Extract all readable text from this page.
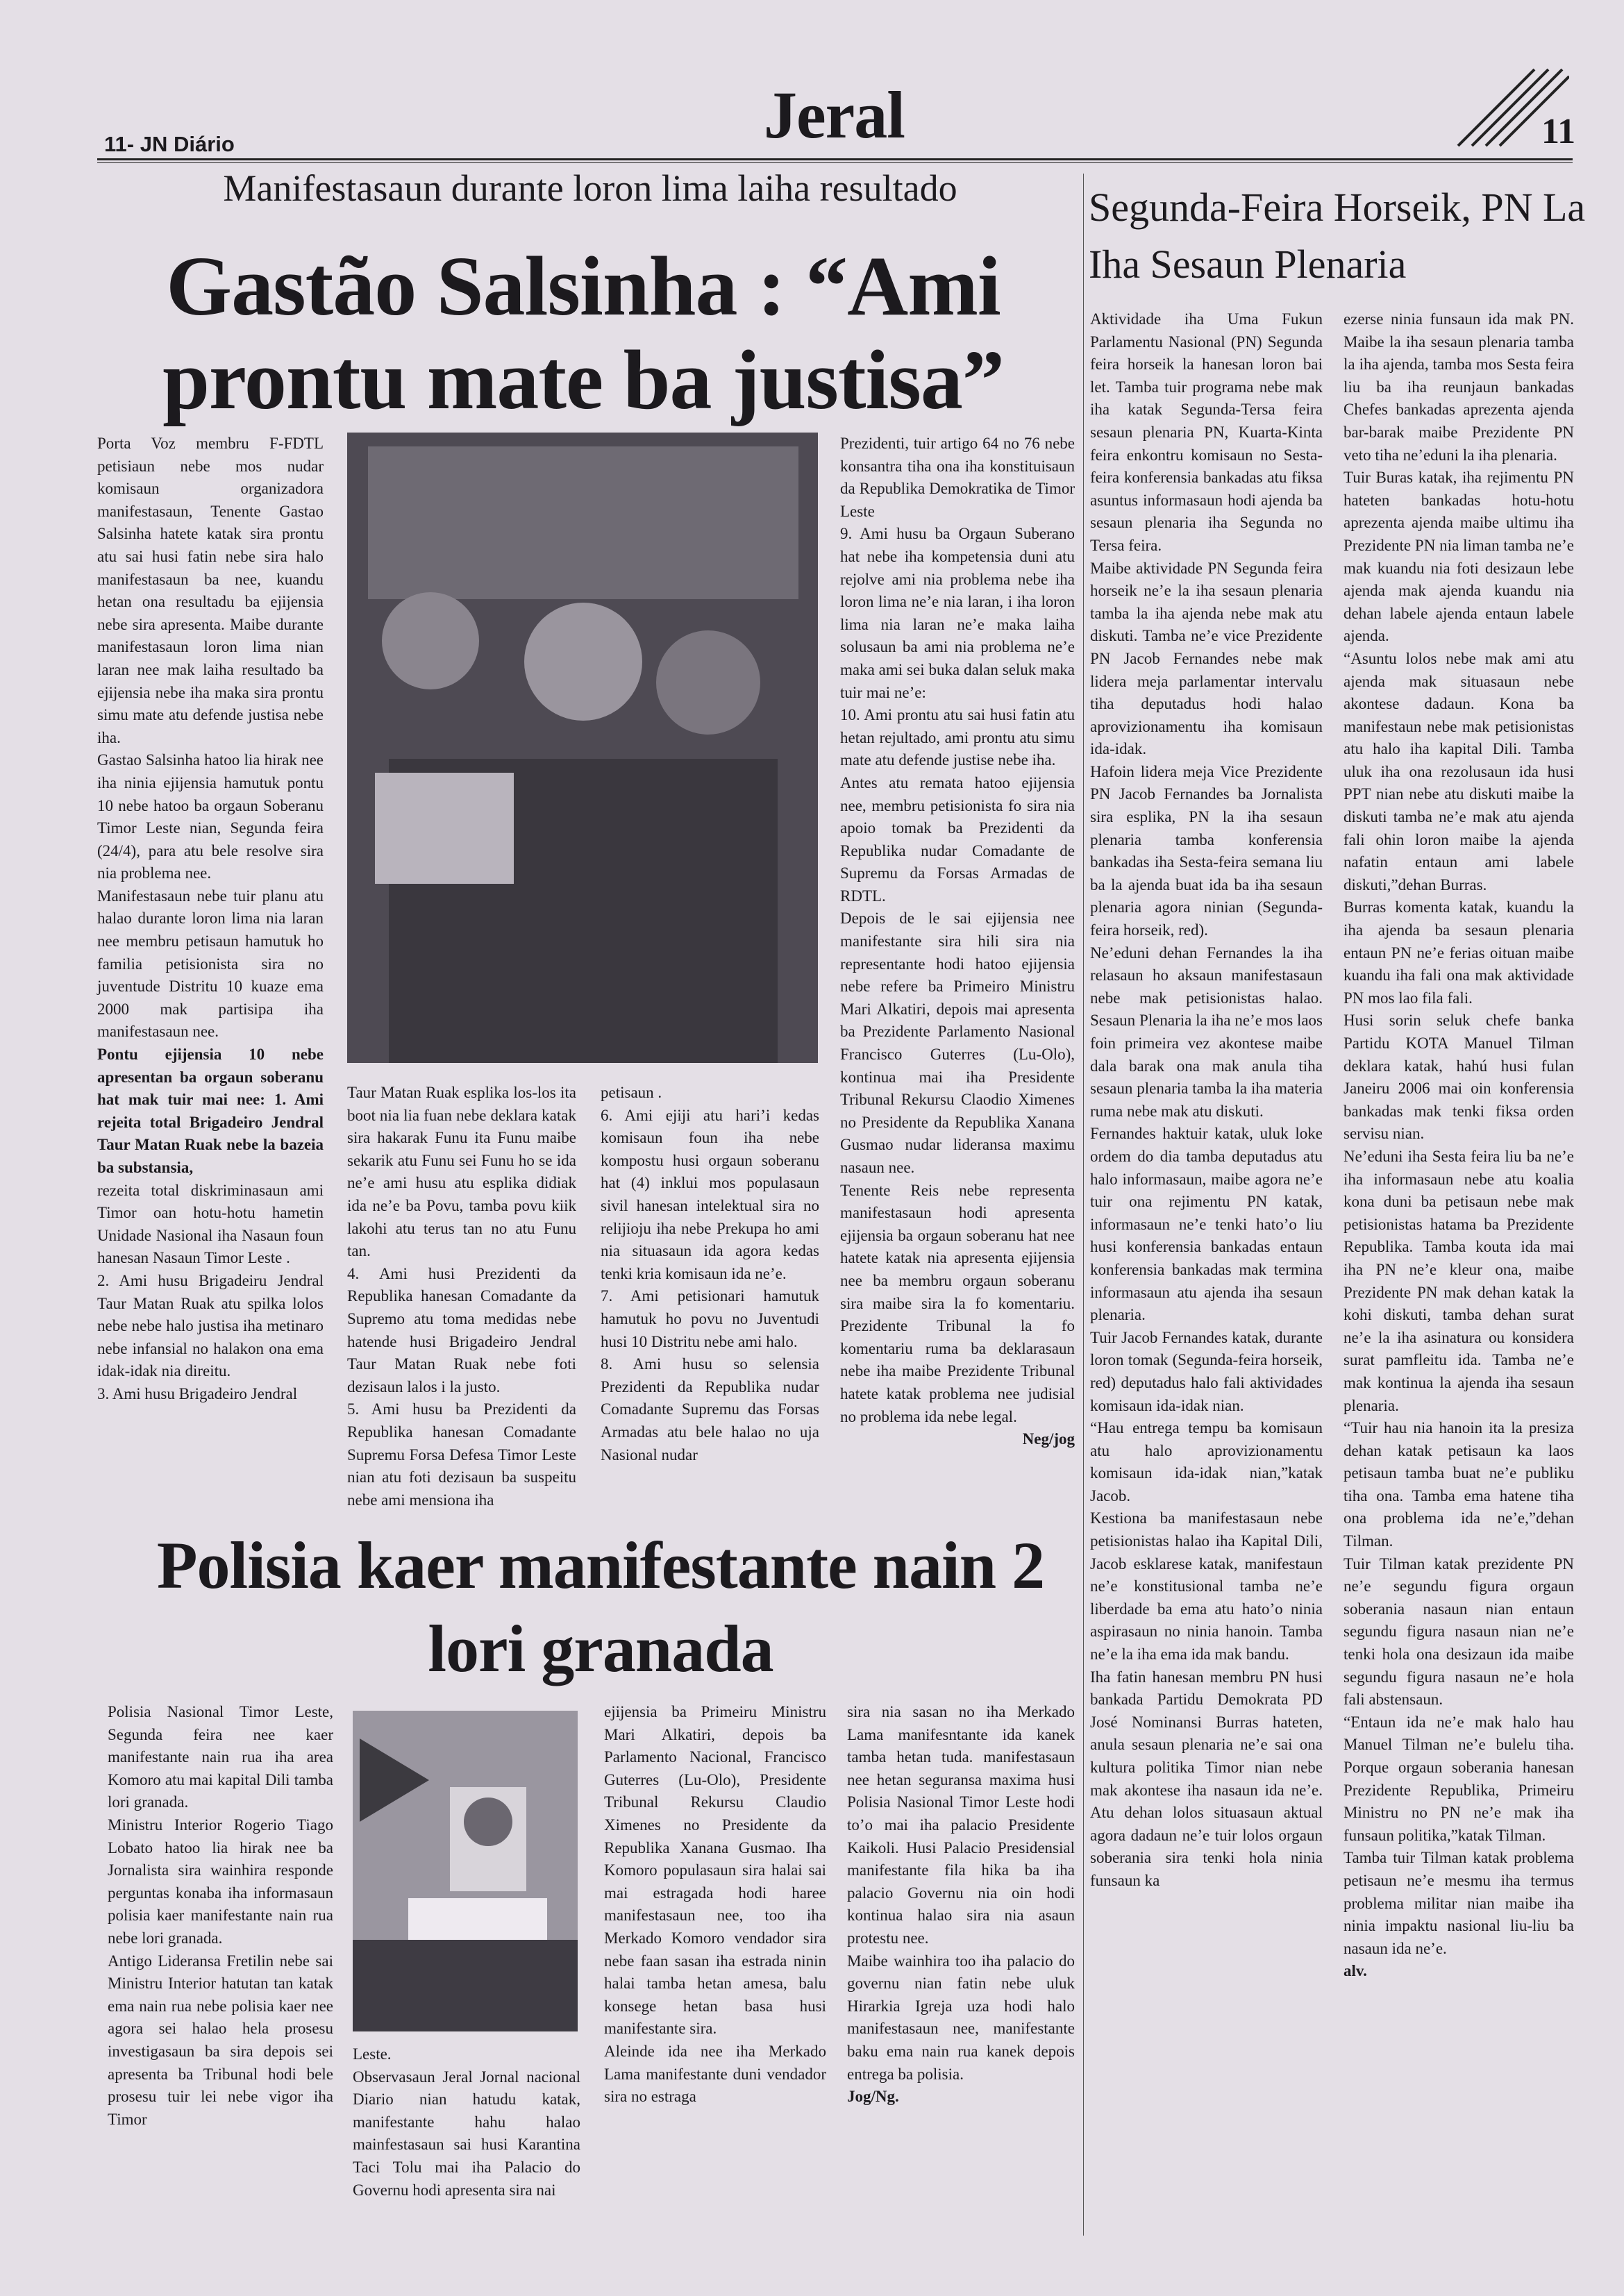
11- JN Diário	Jeral	11
Manifestasaun durante loron lima laiha resultado
Gastão Salsinha : “Ami prontu mate ba justisa”

Porta Voz membru F-FDTL petisiaun nebe mos nudar komisaun organizadora manifestasaun, Tenente Gastao Salsinha hatete katak sira prontu atu sai husi fatin nebe sira halo manifestasaun ba nee, kuandu hetan ona resultadu ba ejijensia nebe sira apresenta. Maibe durante manifestasaun loron lima nian laran nee mak laiha resultado ba ejijensia nebe iha maka sira prontu simu mate atu defende justisa nebe iha.

Gastao Salsinha hatoo lia hirak nee iha ninia ejijensia hamutuk pontu 10 nebe hatoo ba orgaun Soberanu Timor Leste nian, Segunda feira (24/4), para atu bele resolve sira nia problema nee.

Manifestasaun nebe tuir planu atu halao durante loron lima nia laran nee membru petisaun hamutuk ho familia petisionista sira no juventude Distritu 10 kuaze ema 2000 mak partisipa iha manifestasaun nee.

Pontu ejijensia 10 nebe apresentan ba orgaun soberanu hat mak tuir mai nee: 1. Ami rejeita total Brigadeiro Jendral Taur Matan Ruak nebe la bazeia ba substansia,

rezeita total diskriminasaun ami Timor oan hotu-hotu hametin Unidade Nasional iha Nasaun foun hanesan Nasaun Timor Leste .

2. Ami husu Brigadeiru Jendral Taur Matan Ruak atu spilka lolos nebe nebe halo justisa iha metinaro nebe infansial no halakon ona ema idak-idak nia direitu.

3. Ami husu Brigadeiro Jendral

Taur Matan Ruak esplika los-los ita boot nia lia fuan nebe deklara katak sira hakarak Funu ita Funu maibe sekarik atu Funu sei Funu ho se ida ne’e ami husu atu esplika didiak ida ne’e ba Povu, tamba povu kiik lakohi atu terus tan no atu Funu tan.

4. Ami husi Prezidenti da Republika hanesan Comadante da Supremo atu toma medidas nebe hatende husi Brigadeiro Jendral Taur Matan Ruak nebe foti dezisaun lalos i la justo.

5. Ami husu ba Prezidenti da Republika hanesan Comadante Supremu Forsa Defesa Timor Leste nian atu foti dezisaun ba suspeitu nebe ami mensiona iha

petisaun .

6. Ami ejiji atu hari’i kedas komisaun foun iha nebe kompostu husi orgaun soberanu hat (4) inklui mos populasaun sivil hanesan intelektual sira no relijioju iha nebe Prekupa ho ami nia situasaun ida agora kedas tenki kria komisaun ida ne’e.

7. Ami petisionari hamutuk hamutuk ho povu no Juventudi husi 10 Distritu nebe ami halo.

8. Ami husu so selensia Prezidenti da Republika nudar Comadante Supremu das Forsas Armadas atu bele halao no uja Nasional nudar

Prezidenti, tuir artigo 64 no 76 nebe konsantra tiha ona iha konstituisaun da Republika Demokratika de Timor Leste

9. Ami husu ba Orgaun Suberano hat nebe iha kompetensia duni atu rejolve ami nia problema nebe iha loron lima ne’e nia laran, i iha loron lima nia laran ne’e maka laiha solusaun ba ami nia problema ne’e maka ami sei buka dalan seluk maka tuir mai ne’e:

10. Ami prontu atu sai husi fatin atu hetan rejultado, ami prontu atu simu mate atu defende justise nebe iha.

Antes atu remata hatoo ejijensia nee, membru petisionista fo sira nia apoio tomak ba Prezidenti da Republika nudar Comadante de Supremu da Forsas Armadas de RDTL.

Depois de le sai ejijensia nee manifestante sira hili sira nia representante hodi hatoo ejijensia nebe refere ba Primeiro Ministru Mari Alkatiri, depois mai apresenta ba Prezidente Parlamento Nasional Francisco Guterres (Lu-Olo), kontinua mai iha Presidente Tribunal Rekursu Claodio Ximenes no Presidente da Republika Xanana Gusmao nudar lideransa maximu nasaun nee.

Tenente Reis nebe representa manifestasaun hodi apresenta ejijensia ba orgaun soberanu hat nee hatete katak nia apresenta ejijensia nee ba membru orgaun soberanu sira maibe sira la fo komentariu. Prezidente Tribunal la fo komentariu ruma ba deklarasaun nebe iha maibe Prezidente Tribunal hatete katak problema nee judisial no problema ida nebe legal.

Neg/jog

Polisia kaer manifestante nain 2 lori granada

Polisia Nasional Timor Leste, Segunda feira nee kaer manifestante nain rua iha area Komoro atu mai kapital Dili tamba lori granada.

Ministru Interior Rogerio Tiago Lobato hatoo lia hirak nee ba Jornalista sira wainhira responde perguntas konaba iha informasaun polisia kaer manifestante nain rua nebe lori granada.

Antigo Lideransa Fretilin nebe sai Ministru Interior hatutan tan katak ema nain rua nebe polisia kaer nee agora sei halao hela prosesu investigasaun ba sira depois sei apresenta ba Tribunal hodi bele prosesu tuir lei nebe vigor iha Timor

Leste.

Observasaun Jeral Jornal nacional Diario nian hatudu katak, manifestante hahu halao mainfestasaun sai husi Karantina Taci Tolu mai iha Palacio do Governu hodi apresenta sira nai

ejijensia ba Primeiru Ministru Mari Alkatiri, depois ba Parlamento Nacional, Francisco Guterres (Lu-Olo), Presidente Tribunal Rekursu Claudio Ximenes no Presidente da Republika Xanana Gusmao. Iha Komoro populasaun sira halai sai mai estragada hodi haree manifestasaun nee, too iha Merkado Komoro vendador sira nebe faan sasan iha estrada ninin halai tamba hetan amesa, balu konsege hetan basa husi manifestante sira.

Aleinde ida nee iha Merkado Lama manifestante duni vendador sira no estraga

sira nia sasan no iha Merkado Lama manifesntante ida kanek tamba hetan tuda. manifestasaun nee hetan seguransa maxima husi Polisia Nasional Timor Leste hodi to’o mai iha palacio Presidente Kaikoli. Husi Palacio Presidensial manifestante fila hika ba iha palacio Governu nia oin hodi kontinua halao sira nia asaun protestu nee.

Maibe wainhira too iha palacio do governu nian fatin nebe uluk Hirarkia Igreja uza hodi halo manifestasaun nee, manifestante baku ema nain rua kanek depois entrega ba polisia.

Jog/Ng.

Segunda-Feira Horseik, PN La Iha Sesaun Plenaria

Aktividade iha Uma Fukun Parlamentu Nasional (PN) Segunda feira horseik la hanesan loron bai let. Tamba tuir programa nebe mak iha katak Segunda-Tersa feira sesaun plenaria PN, Kuarta-Kinta feira enkontru komisaun no Sesta-feira konferensia bankadas atu fiksa asuntus informasaun hodi ajenda ba sesaun plenaria iha Segunda no Tersa feira.

Maibe aktividade PN Segunda feira horseik ne’e la iha sesaun plenaria tamba la iha ajenda nebe mak atu diskuti. Tamba ne’e vice Prezidente PN Jacob Fernandes nebe mak lidera meja parlamentar intervalu tiha deputadus hodi halao aprovizionamentu iha komisaun ida-idak.

Hafoin lidera meja Vice Prezidente PN Jacob Fernandes ba Jornalista sira esplika, PN la iha sesaun plenaria tamba konferensia bankadas iha Sesta-feira semana liu ba la ajenda buat ida ba iha sesaun plenaria agora ninian (Segunda-feira horseik, red).

Ne’eduni dehan Fernandes la iha relasaun ho aksaun manifestasaun nebe mak petisionistas halao. Sesaun Plenaria la iha ne’e mos laos foin primeira vez akontese maibe dala barak ona mak anula tiha sesaun plenaria tamba la iha materia ruma nebe mak atu diskuti.

Fernandes haktuir katak, uluk loke ordem do dia tamba deputadus atu halo informasaun, maibe agora ne’e tuir ona rejimentu PN katak, informasaun ne’e tenki hato’o liu husi konferensia bankadas entaun konferensia bankadas mak termina informasaun atu ajenda iha sesaun plenaria.

Tuir Jacob Fernandes katak, durante loron tomak (Segunda-feira horseik, red) deputadus halo fali aktividades komisaun ida-idak nian.

“Hau entrega tempu ba komisaun atu halo aprovizionamentu komisaun ida-idak nian,”katak Jacob.

Kestiona ba manifestasaun nebe petisionistas halao iha Kapital Dili, Jacob esklarese katak, manifestaun ne’e konstitusional tamba ne’e liberdade ba ema atu hato’o ninia aspirasaun no ninia hanoin. Tamba ne’e la iha ema ida mak bandu.

Iha fatin hanesan membru PN husi bankada Partidu Demokrata PD José Nominansi Burras hateten, anula sesaun plenaria ne’e sai ona kultura politika Timor nian nebe mak akontese iha nasaun ida ne’e. Atu dehan lolos situasaun aktual agora dadaun ne’e tuir lolos orgaun soberania sira tenki hola ninia funsaun ka

ezerse ninia funsaun ida mak PN. Maibe la iha sesaun plenaria tamba la iha ajenda, tamba mos Sesta feira liu ba iha reunjaun bankadas Chefes bankadas aprezenta ajenda bar-barak maibe Prezidente PN veto tiha ne’eduni la iha plenaria.

Tuir Buras katak, iha rejimentu PN hateten bankadas hotu-hotu aprezenta ajenda maibe ultimu iha Prezidente PN nia liman tamba ne’e mak kuandu nia foti desizaun lebe ajenda mak ajenda kuandu nia dehan labele ajenda entaun labele ajenda.

“Asuntu lolos nebe mak ami atu ajenda mak situasaun nebe akontese dadaun. Kona ba manifestaun nebe mak petisionistas atu halo iha kapital Dili. Tamba uluk iha ona rezolusaun ida husi PPT nian nebe atu diskuti maibe la diskuti tamba ne’e mak atu ajenda fali ohin loron maibe la ajenda nafatin entaun ami labele diskuti,”dehan Burras.

Burras komenta katak, kuandu la iha ajenda ba sesaun plenaria entaun PN ne’e ferias oituan maibe kuandu iha fali ona mak aktividade PN mos lao fila fali.

Husi sorin seluk chefe banka Partidu KOTA Manuel Tilman deklara katak, hahú husi fulan Janeiru 2006 mai oin konferensia bankadas mak tenki fiksa orden servisu nian.

Ne’eduni iha Sesta feira liu ba ne’e iha informasaun nebe atu koalia kona duni ba petisaun nebe mak petisionistas hatama ba Prezidente Republika. Tamba kouta ida mai iha PN ne’e kleur ona, maibe Prezidente PN mak dehan katak la kohi diskuti, tamba dehan surat ne’e la iha asinatura ou konsidera surat pamfleitu ida. Tamba ne’e mak kontinua la ajenda iha sesaun plenaria.

“Tuir hau nia hanoin ita la presiza dehan katak petisaun ka laos petisaun tamba buat ne’e publiku tiha ona. Tamba ema hatene tiha ona problema ida ne’e,”dehan Tilman.

Tuir Tilman katak prezidente PN ne’e segundu figura orgaun soberania nasaun nian entaun segundu figura nasaun nian ne’e tenki hola ona desizaun ida maibe segundu figura nasaun ne’e hola fali abstensaun.

“Entaun ida ne’e mak halo hau Manuel Tilman ne’e bulelu tiha. Porque orgaun soberania hanesan Prezidente Republika, Primeiru Ministru no PN ne’e mak iha funsaun politika,”katak Tilman.

Tamba tuir Tilman katak problema petisaun ne’e mesmu iha termus problema militar nian maibe iha ninia impaktu nasional liu-liu ba nasaun ida ne’e.

alv.
